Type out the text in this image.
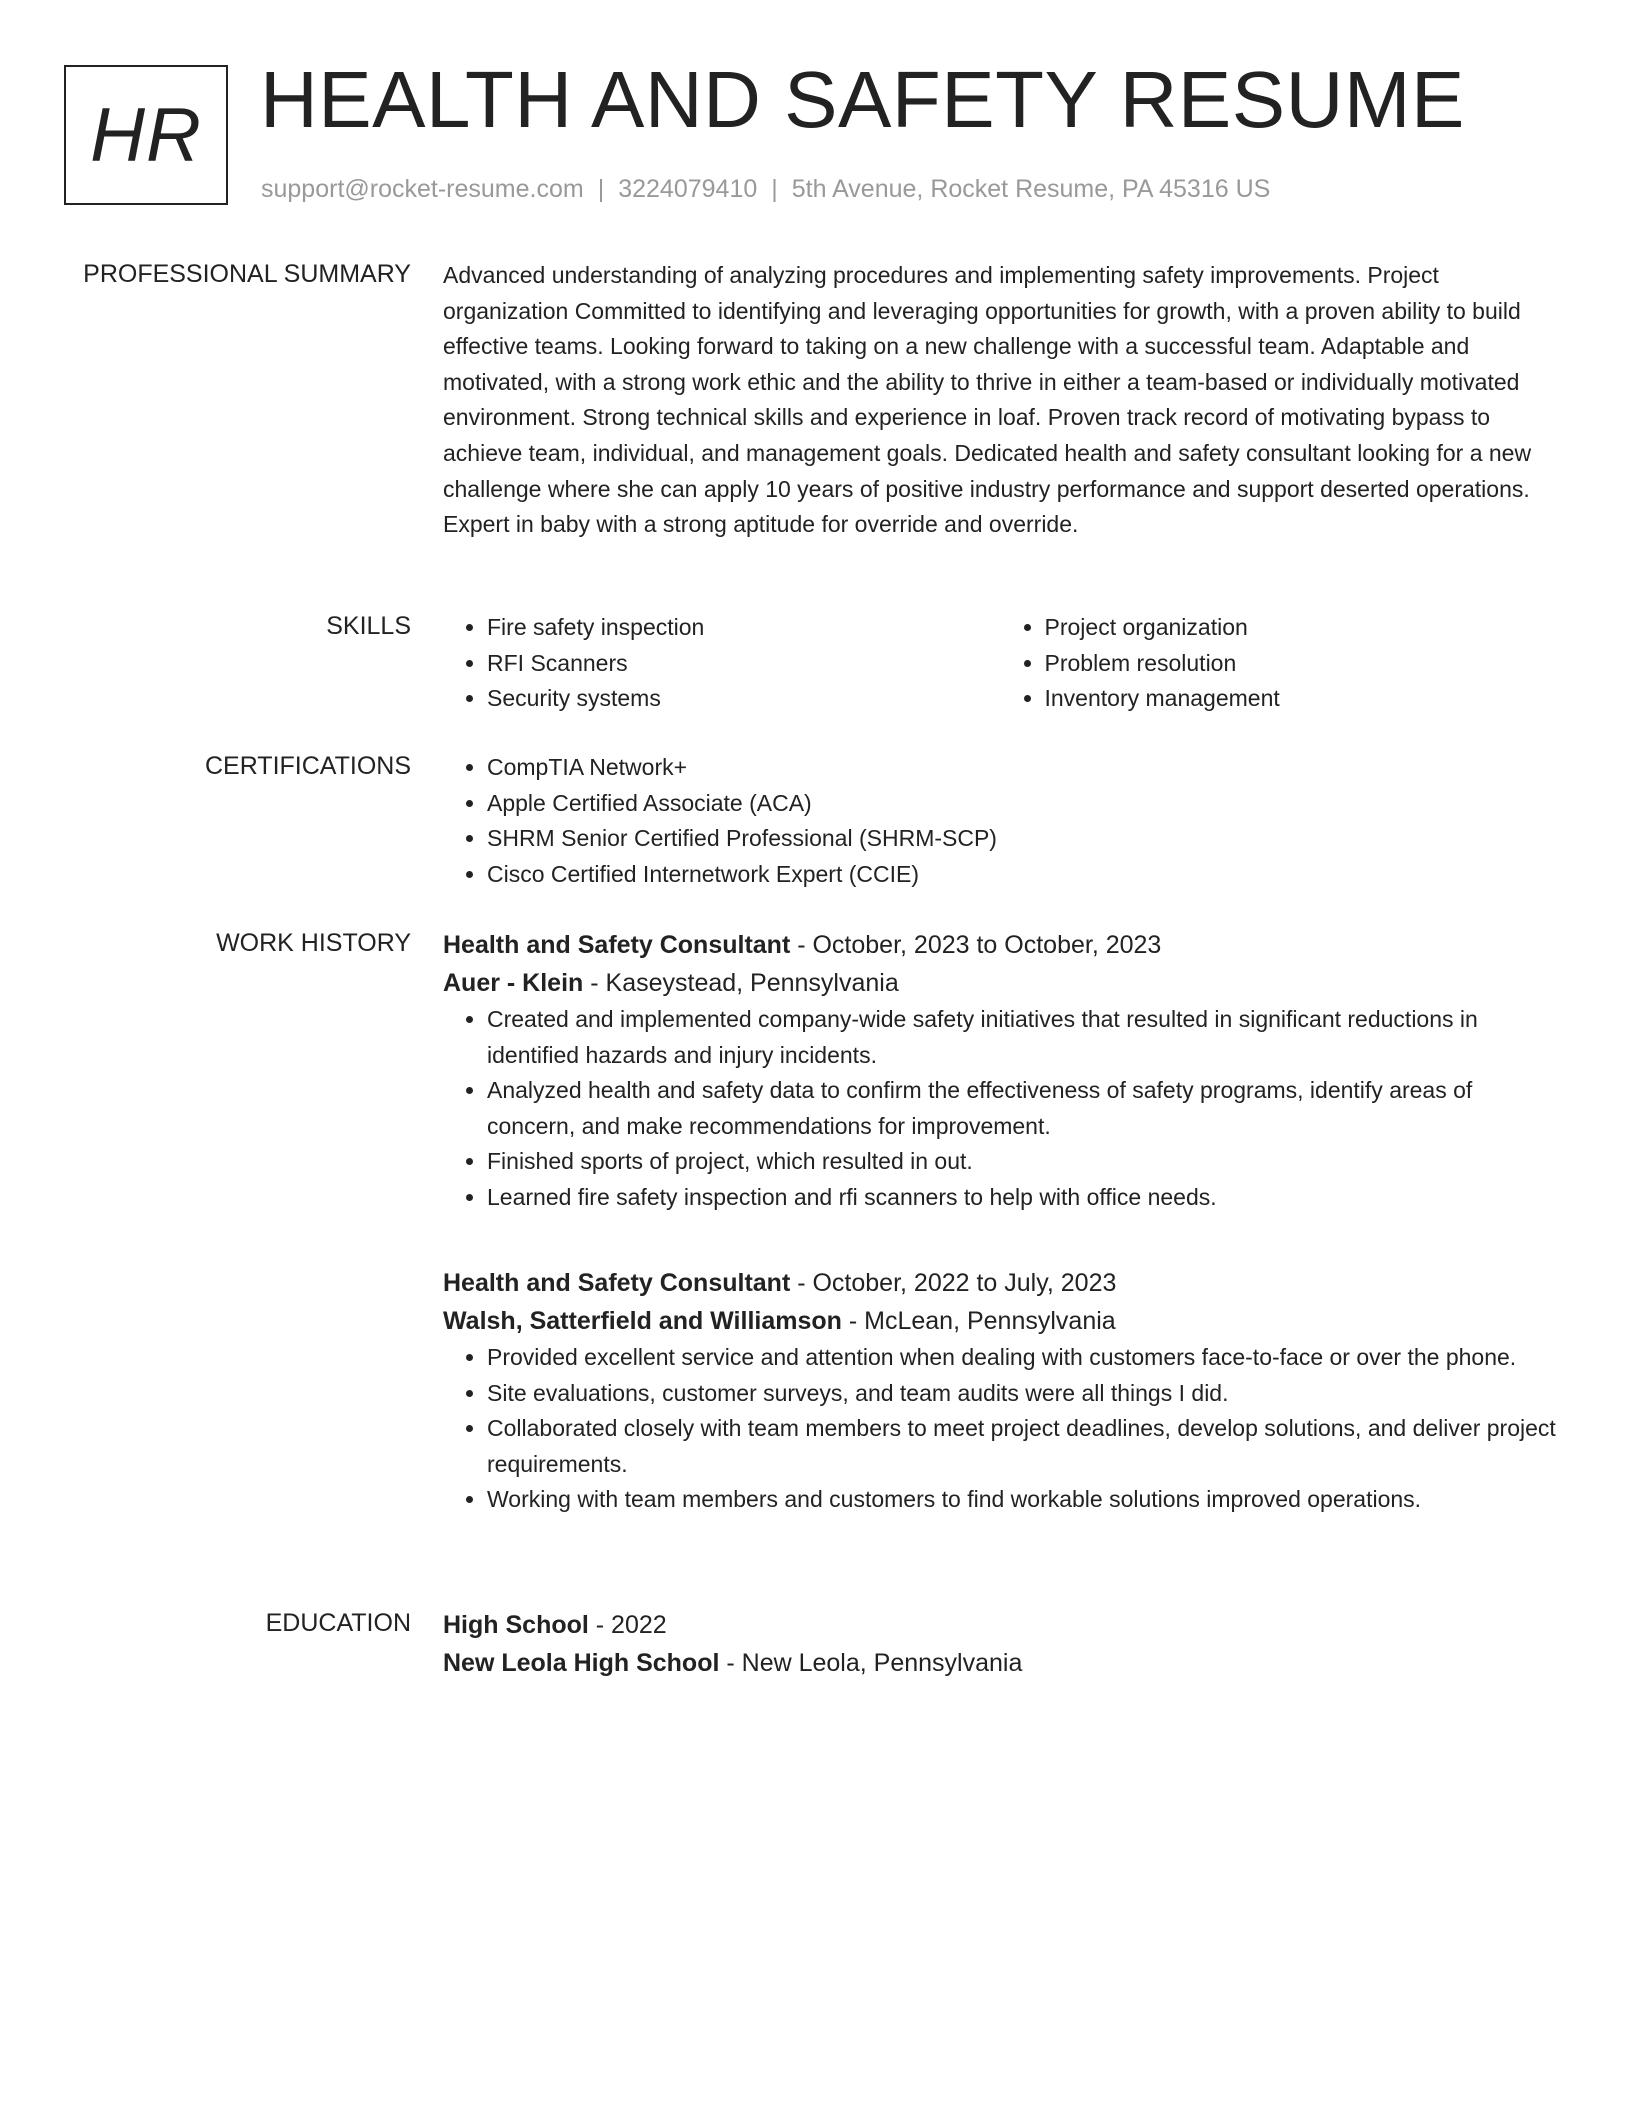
HR HEALTH AND SAFETY RESUME
support@rocket-resume.com | 3224079410 | 5th Avenue, Rocket Resume, PA 45316 US
PROFESSIONAL SUMMARY Advanced understanding of analyzing procedures and implementing safety improvements. Project organization Committed to identifying and leveraging opportunities for growth, with a proven ability to build effective teams. Looking forward to taking on a new challenge with a successful team. Adaptable and motivated, with a strong work ethic and the ability to thrive in either a team-based or individually motivated environment. Strong technical skills and experience in loaf. Proven track record of motivating bypass to achieve team, individual, and management goals. Dedicated health and safety consultant looking for a new challenge where she can apply 10 years of positive industry performance and support deserted operations. Expert in baby with a strong aptitude for override and override.

SKILLS	• Fire safety inspection
• RFI Scanners
• Security systems
• Project organization
• Problem resolution
• Inventory management
CERTIFICATIONS	• CompTIA Network+
• Apple Certified Associate (ACA)
• SHRM Senior Certified Professional (SHRM-SCP)
• Cisco Certified Internetwork Expert (CCIE)
WORK HISTORY Health and Safety Consultant - October, 2023 to October, 2023
Auer - Klein - Kaseystead, Pennsylvania
• Created and implemented company-wide safety initiatives that resulted in significant reductions in identified hazards and injury incidents.
• Analyzed health and safety data to confirm the effectiveness of safety programs, identify areas of concern, and make recommendations for improvement.
• Finished sports of project, which resulted in out.
• Learned fire safety inspection and rfi scanners to help with office needs.
Health and Safety Consultant - October, 2022 to July, 2023
Walsh, Satterfield and Williamson - McLean, Pennsylvania
• Provided excellent service and attention when dealing with customers face-to-face or over the phone.
• Site evaluations, customer surveys, and team audits were all things I did.
• Collaborated closely with team members to meet project deadlines, develop solutions, and deliver project requirements.
• Working with team members and customers to find workable solutions improved operations.
EDUCATION High School - 2022
New Leola High School - New Leola, Pennsylvania
